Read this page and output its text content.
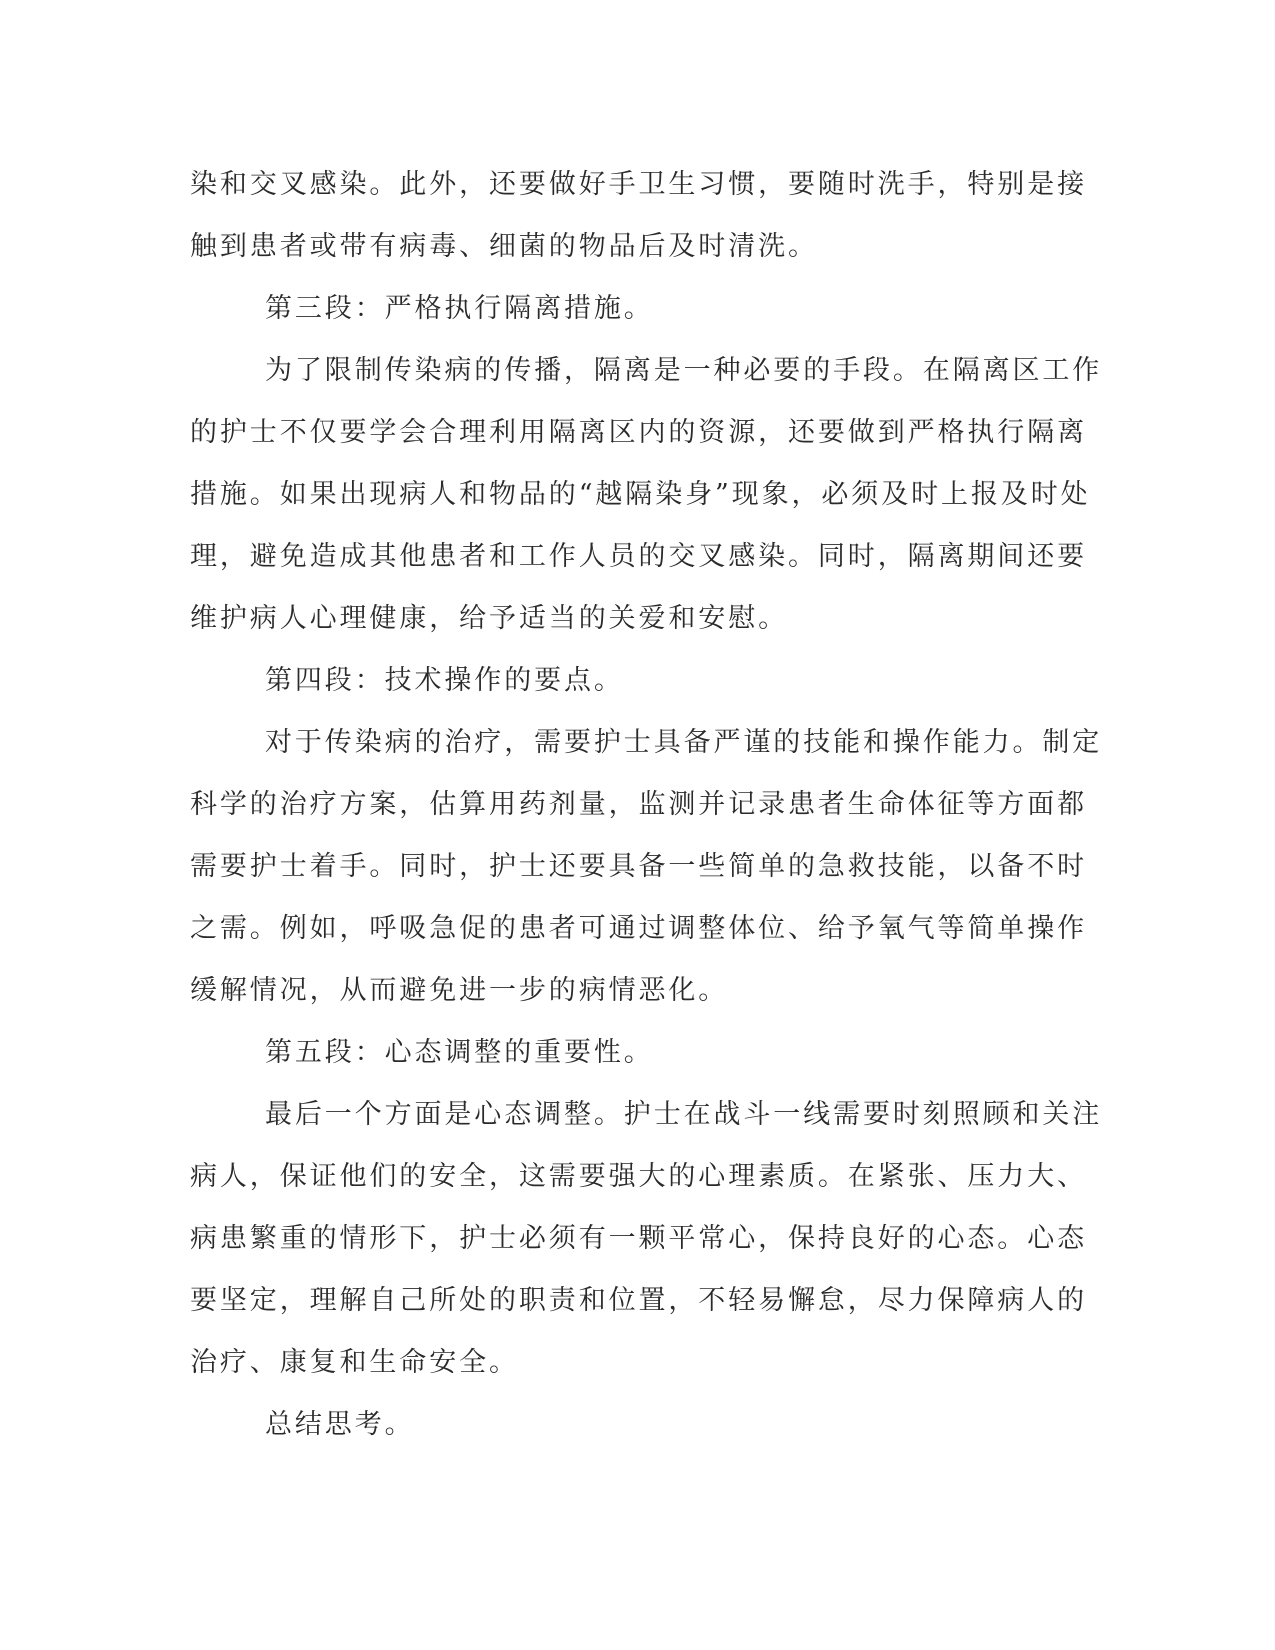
染和交叉感染。此外，还要做好手卫生习惯，要随时洗手，特别是接
触到患者或带有病毒、细菌的物品后及时清洗。
第三段：严格执行隔离措施。
为了限制传染病的传播，隔离是一种必要的手段。在隔离区工作
的护士不仅要学会合理利用隔离区内的资源，还要做到严格执行隔离
措施。如果出现病人和物品的“越隔染身”现象，必须及时上报及时处
理，避免造成其他患者和工作人员的交叉感染。同时，隔离期间还要
维护病人心理健康，给予适当的关爱和安慰。
第四段：技术操作的要点。
对于传染病的治疗，需要护士具备严谨的技能和操作能力。制定
科学的治疗方案，估算用药剂量，监测并记录患者生命体征等方面都
需要护士着手。同时，护士还要具备一些简单的急救技能，以备不时
之需。例如，呼吸急促的患者可通过调整体位、给予氧气等简单操作
缓解情况，从而避免进一步的病情恶化。
第五段：心态调整的重要性。
最后一个方面是心态调整。护士在战斗一线需要时刻照顾和关注
病人，保证他们的安全，这需要强大的心理素质。在紧张、压力大、
病患繁重的情形下，护士必须有一颗平常心，保持良好的心态。心态
要坚定，理解自己所处的职责和位置，不轻易懈怠，尽力保障病人的
治疗、康复和生命安全。
总结思考。
